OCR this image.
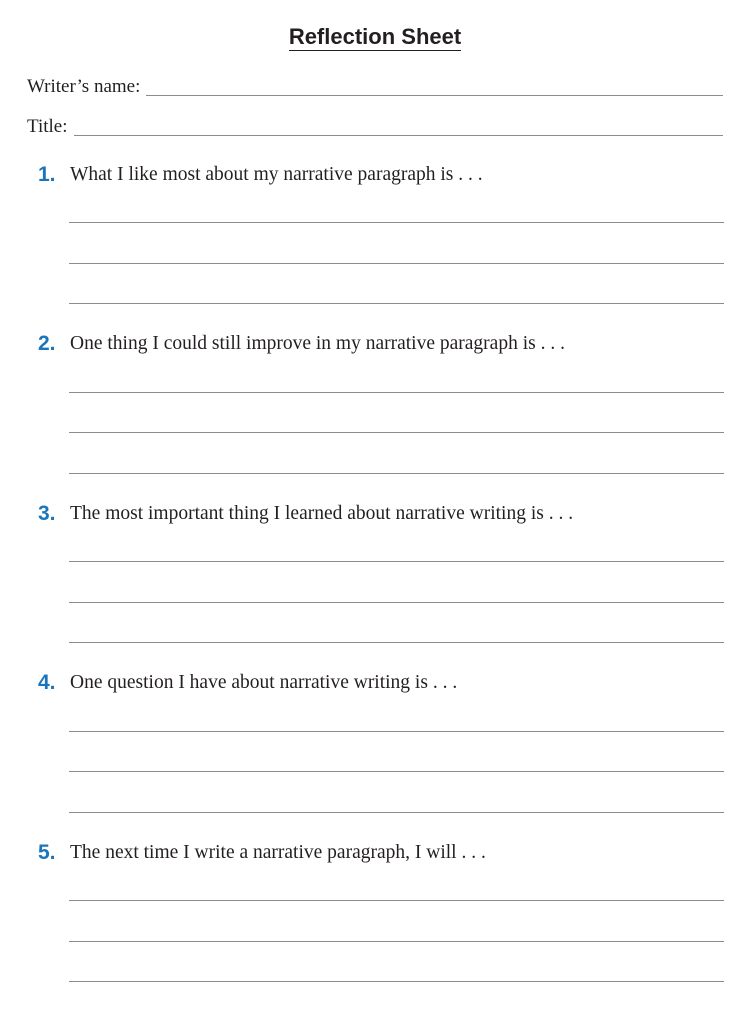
Reflection Sheet
Writer’s name:
Title:
1. What I like most about my narrative paragraph is . . .
2. One thing I could still improve in my narrative paragraph is . . .
3. The most important thing I learned about narrative writing is . . .
4. One question I have about narrative writing is . . .
5. The next time I write a narrative paragraph, I will . . .
